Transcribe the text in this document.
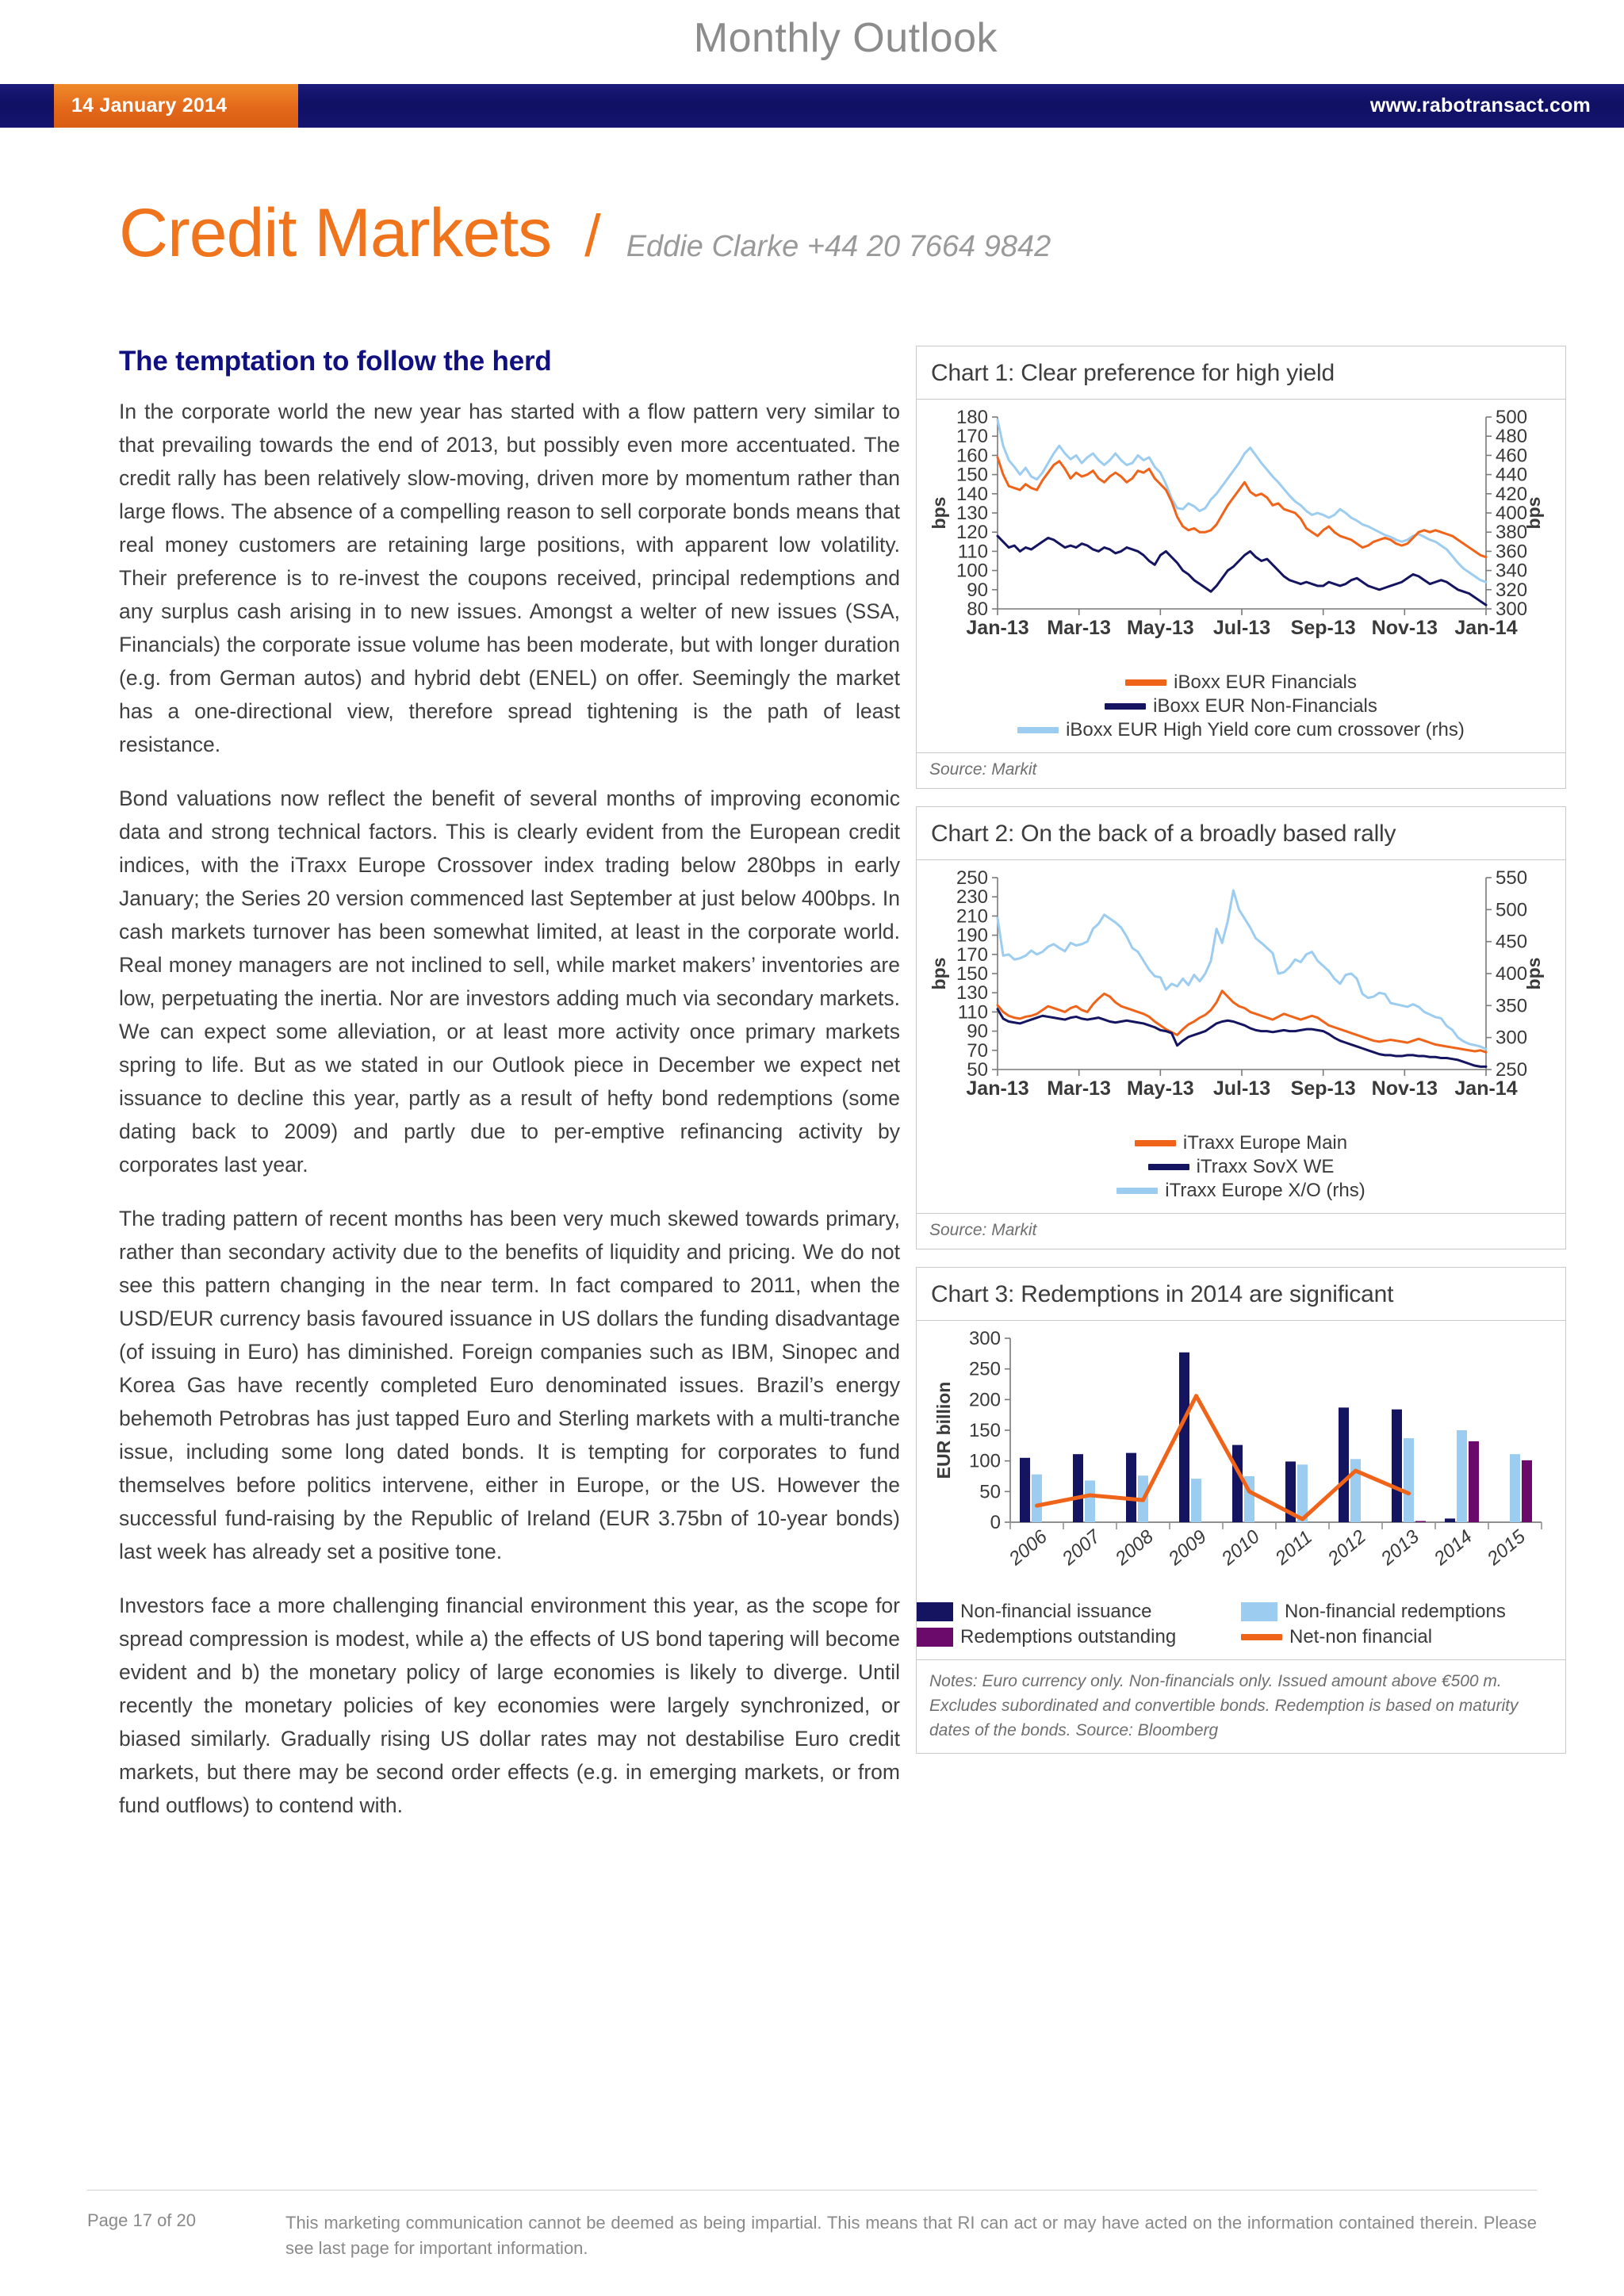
Monthly Outlook
14 January 2014	www.rabotransact.com
Credit Markets / Eddie Clarke +44 20 7664 9842
The temptation to follow the herd

In the corporate world the new year has started with a flow pattern very similar to that prevailing towards the end of 2013, but possibly even more accentuated. The credit rally has been relatively slow-moving, driven more by momentum rather than large flows. The absence of a compelling reason to sell corporate bonds means that real money customers are retaining large positions, with apparent low volatility. Their preference is to re-invest the coupons received, principal redemptions and any surplus cash arising in to new issues. Amongst a welter of new issues (SSA, Financials) the corporate issue volume has been moderate, but with longer duration (e.g. from German autos) and hybrid debt (ENEL) on offer. Seemingly the market has a one-directional view, therefore spread tightening is the path of least resistance.

Bond valuations now reflect the benefit of several months of improving economic data and strong technical factors. This is clearly evident from the European credit indices, with the iTraxx Europe Crossover index trading below 280bps in early January; the Series 20 version commenced last September at just below 400bps. In cash markets turnover has been somewhat limited, at least in the corporate world. Real money managers are not inclined to sell, while market makers’ inventories are low, perpetuating the inertia. Nor are investors adding much via secondary markets. We can expect some alleviation, or at least more activity once primary markets spring to life. But as we stated in our Outlook piece in December we expect net issuance to decline this year, partly as a result of hefty bond redemptions (some dating back to 2009) and partly due to per-emptive refinancing activity by corporates last year.

The trading pattern of recent months has been very much skewed towards primary, rather than secondary activity due to the benefits of liquidity and pricing. We do not see this pattern changing in the near term. In fact compared to 2011, when the USD/EUR currency basis favoured issuance in US dollars the funding disadvantage (of issuing in Euro) has diminished. Foreign companies such as IBM, Sinopec and Korea Gas have recently completed Euro denominated issues. Brazil’s energy behemoth Petrobras has just tapped Euro and Sterling markets with a multi-tranche issue, including some long dated bonds. It is tempting for corporates to fund themselves before politics intervene, either in Europe, or the US. However the successful fund-raising by the Republic of Ireland (EUR 3.75bn of 10-year bonds) last week has already set a positive tone.

Investors face a more challenging financial environment this year, as the scope for spread compression is modest, while a) the effects of US bond tapering will become evident and b) the monetary policy of large economies is likely to diverge. Until recently the monetary policies of key economies were largely synchronized, or biased similarly. Gradually rising US dollar rates may not destabilise Euro credit markets, but there may be second order effects (e.g. in emerging markets, or from fund outflows) to contend with.

Chart 1: Clear preference for high yield
80
90
100
110
120
130
140
150
160
170
180
300
320
340
360
380
400
420
440
460
480
500
bps	bps
Jan-13 Mar-13 May-13 Jul-13 Sep-13 Nov-13 Jan-14
iBoxx EUR Financials
iBoxx EUR Non-Financials
iBoxx EUR High Yield core cum crossover (rhs)
Source: Markit
Chart 2: On the back of a broadly based rally
50
70
90
110
130
150
170
190
210
230
250
250
300
350
400
450
500
550
bps	bps
Jan-13 Mar-13 May-13 Jul-13 Sep-13 Nov-13 Jan-14
iTraxx Europe Main
iTraxx SovX WE
iTraxx Europe X/O (rhs)
Source: Markit
Chart 3: Redemptions in 2014 are significant
0
50
100
150
200
250
300
EUR billion
2006 2007 2008 2009 2010 2011 2012 2013 2014 2015
Non-financial issuance	Non-financial redemptions
Redemptions outstanding	Net-non financial
Notes: Euro currency only. Non-financials only. Issued amount above €500 m. Excludes subordinated and convertible bonds. Redemption is based on maturity dates of the bonds. Source: Bloomberg
Page 17 of 20	This marketing communication cannot be deemed as being impartial. This means that RI can act or may have acted on the information contained therein. Please see last page for important information.
